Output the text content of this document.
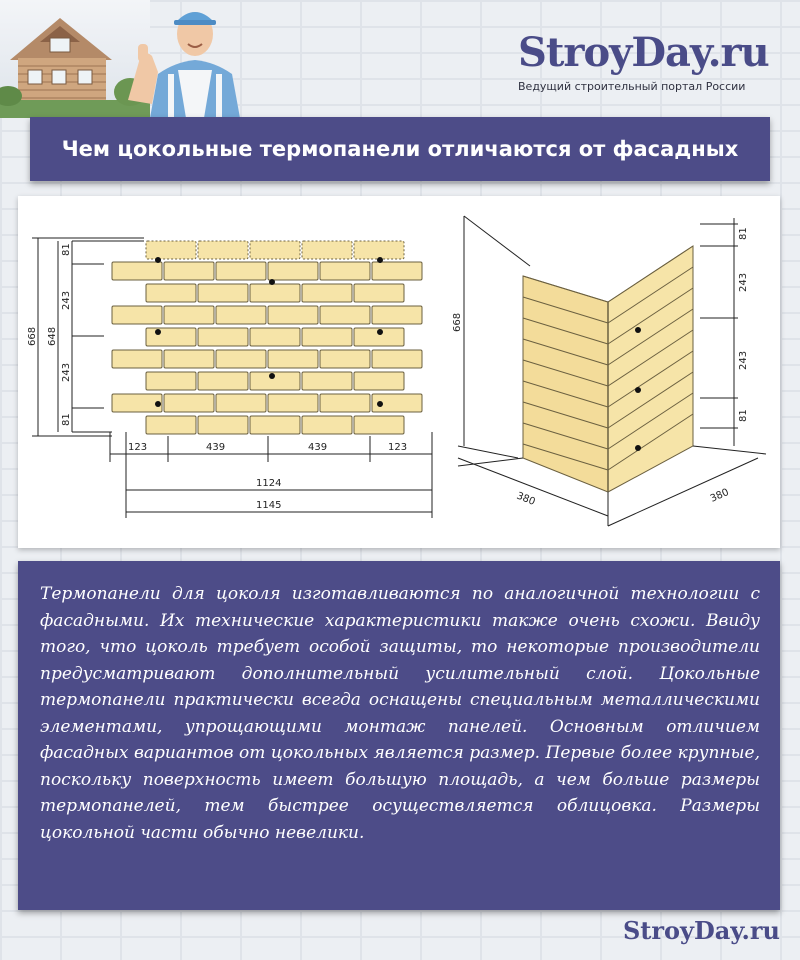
StroyDay.ru
Ведущий строительный портал России
Чем цокольные термопанели отличаются от фасадных
81
243
243
81
668 648
123	439	439	123
1124
1145
668
81
243
243
81
380	380

Термопанели для цоколя изготавливаются по аналогичной технологии с фасадными. Их технические характеристики также очень схожи. Ввиду того, что цоколь требует особой защиты, то некоторые производители предусматривают дополнительный усилительный слой. Цокольные термопанели практически всегда оснащены специальным металлическими элементами, упрощающими монтаж панелей. Основным отличием фасадных вариантов от цокольных является размер. Первые более крупные, поскольку поверхность имеет большую площадь, а чем больше размеры термопанелей, тем быстрее осуществляется облицовка. Размеры цокольной части обычно невелики.

StroyDay.ru
